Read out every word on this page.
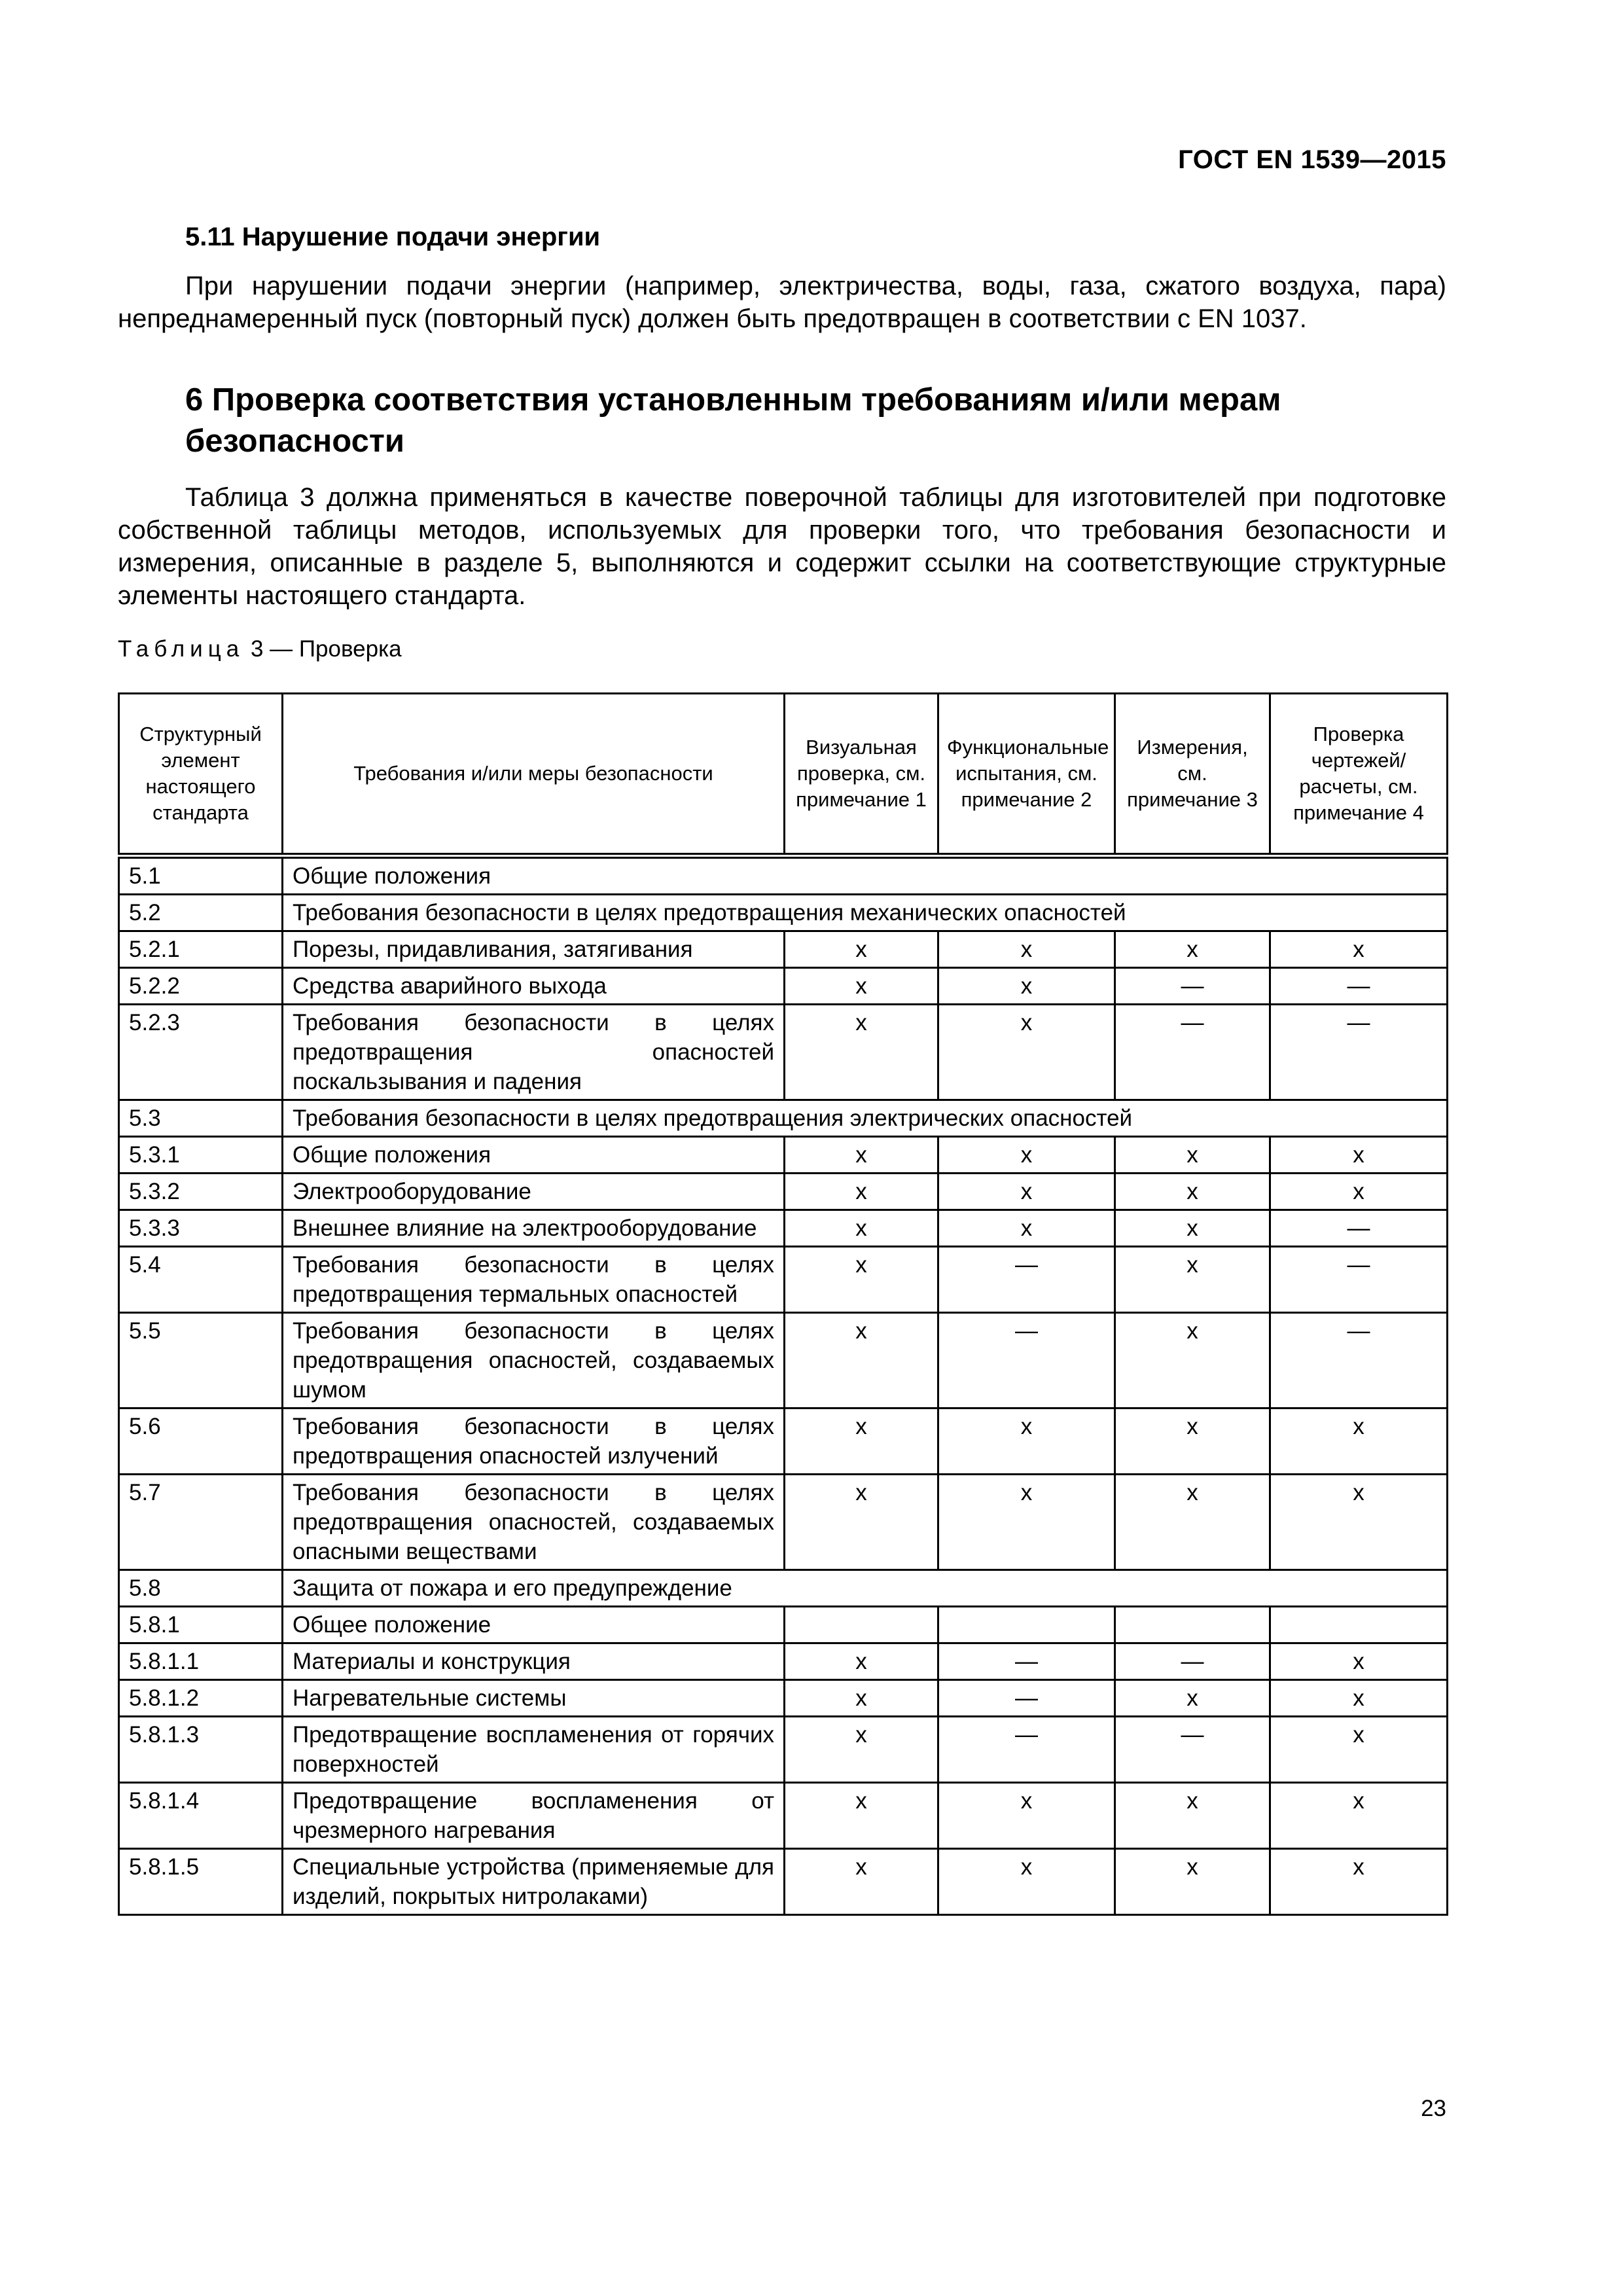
ГОСТ EN 1539—2015
5.11 Нарушение подачи энергии

При нарушении подачи энергии (например, электричества, воды, газа, сжатого воздуха, пара) непреднамеренный пуск (повторный пуск) должен быть предотвращен в соответствии с EN 1037.

6 Проверка соответствия установленным требованиям и/или мерам безопасности

Таблица 3 должна применяться в качестве поверочной таблицы для изготовителей при подготовке собственной таблицы методов, используемых для проверки того, что требования безопасности и измерения, описанные в разделе 5, выполняются и содержит ссылки на соответствующие структурные элементы настоящего стандарта.

Таблица 3 — Проверка
Структурный элемент настоящего стандарта	Требования и/или меры безопасности	Визуальная проверка, см. примечание 1	Функциональные испытания, см. примечание 2	Измерения, см. примечание 3	Проверка чертежей/ расчеты, см. примечание 4
5.1	Общие положения				
5.2	Требования безопасности в целях предотвращения механических опасностей				
5.2.1	Порезы, придавливания, затягивания	х	х	х	х
5.2.2	Средства аварийного выхода	х	х	—	—
5.2.3	Требования безопасности в целях предотвращения опасностей поскальзывания и падения	х	х	—	—
5.3	Требования безопасности в целях предотвращения электрических опасностей				
5.3.1	Общие положения	х	х	х	х
5.3.2	Электрооборудование	х	х	х	х
5.3.3	Внешнее влияние на электрооборудование	х	х	х	—
5.4	Требования безопасности в целях предотвращения термальных опасностей	х	—	х	—
5.5	Требования безопасности в целях предотвращения опасностей, создаваемых шумом	х	—	х	—
5.6	Требования безопасности в целях предотвращения опасностей излучений	х	х	х	х
5.7	Требования безопасности в целях предотвращения опасностей, создаваемых опасными веществами	х	х	х	х
5.8	Защита от пожара и его предупреждение				
5.8.1	Общее положение				
5.8.1.1	Материалы и конструкция	х	—	—	х
5.8.1.2	Нагревательные системы	х	—	х	х
5.8.1.3	Предотвращение воспламенения от горячих поверхностей	х	—	—	х
5.8.1.4	Предотвращение воспламенения от чрезмерного нагревания	х	х	х	х
5.8.1.5	Специальные устройства (применяемые для изделий, покрытых нитролаками)	х	х	х	х
23
